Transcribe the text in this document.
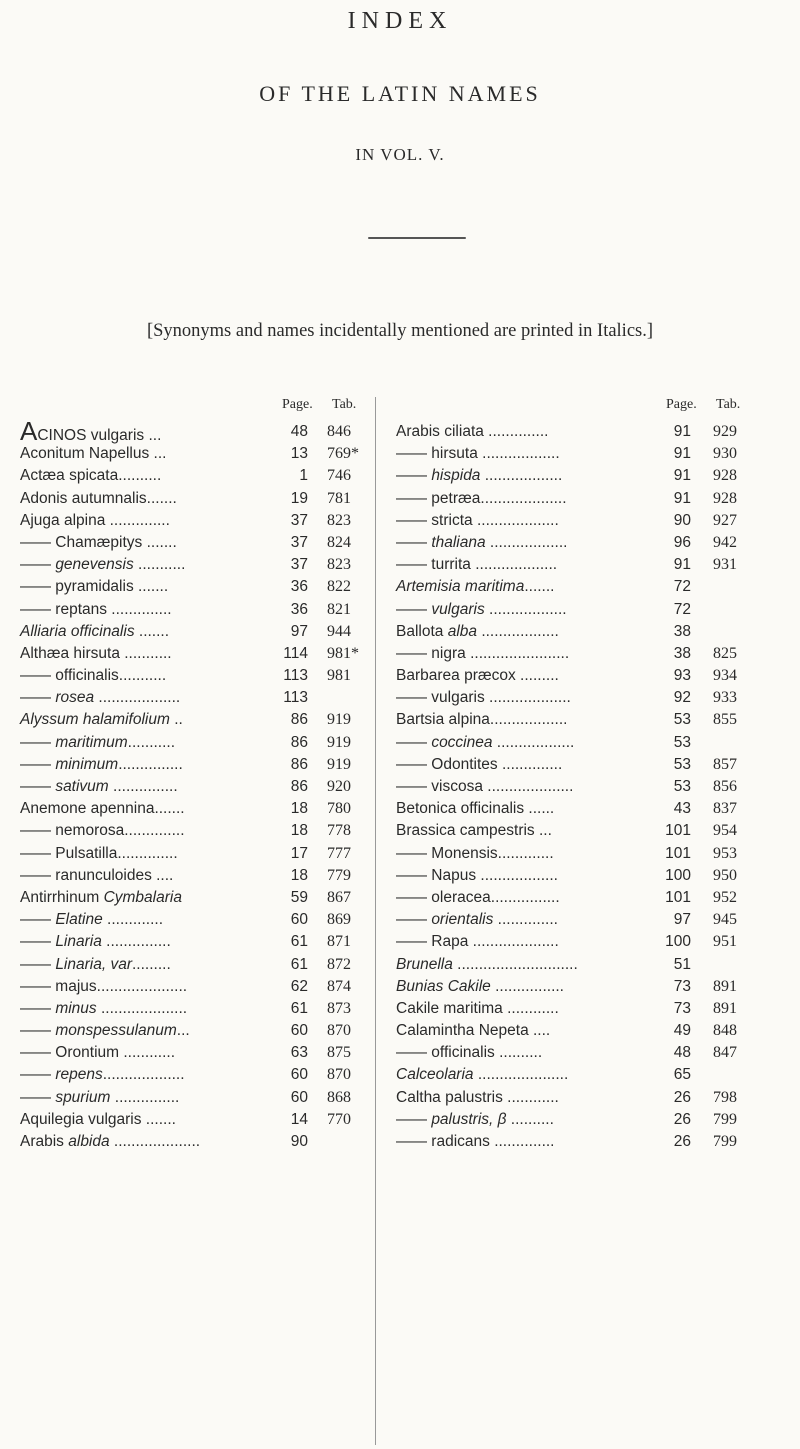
INDEX
OF THE LATIN NAMES
IN VOL. V.
[Synonyms and names incidentally mentioned are printed in Italics.]
Page. Tab.
ACINOS vulgaris ...	48 846
Aconitum Napellus ...	13 769*
Actæa spicata..........	1 746
Adonis autumnalis.......	19 781
Ajuga alpina ..............	37 823
—— Chamæpitys .......	37 824
—— genevensis ...........	37 823
—— pyramidalis .......	36 822
—— reptans ..............	36 821
Alliaria officinalis .......	97 944
Althæa hirsuta ...........	114 981*
—— officinalis...........	113 981
—— rosea ...................	113
Alyssum halamifolium ..	86 919
—— maritimum...........	86 919
—— minimum...............	86 919
—— sativum ...............	86 920
Anemone apennina.......	18 780
—— nemorosa..............	18 778
—— Pulsatilla..............	17 777
—— ranunculoides ....	18 779
Antirrhinum Cymbalaria	59 867
—— Elatine .............	60 869
—— Linaria ...............	61 871
—— Linaria, var.........	61 872
—— majus.....................	62 874
—— minus ....................	61 873
—— monspessulanum...	60 870
—— Orontium ............	63 875
—— repens...................	60 870
—— spurium ...............	60 868
Aquilegia vulgaris .......	14 770
Arabis albida ....................	90
Page. Tab.
Arabis ciliata ..............	91 929
—— hirsuta ..................	91 930
—— hispida ..................	91 928
—— petræa....................	91 928
—— stricta ...................	90 927
—— thaliana ..................	96 942
—— turrita ...................	91 931
Artemisia maritima.......	72
—— vulgaris ..................	72
Ballota alba ..................	38
—— nigra .......................	38 825
Barbarea præcox .........	93 934
—— vulgaris ...................	92 933
Bartsia alpina..................	53 855
—— coccinea ..................	53
—— Odontites ..............	53 857
—— viscosa ....................	53 856
Betonica officinalis ......	43 837
Brassica campestris ...	101 954
—— Monensis.............	101 953
—— Napus ..................	100 950
—— oleracea................	101 952
—— orientalis ..............	97 945
—— Rapa ....................	100 951
Brunella ............................	51
Bunias Cakile ................	73 891
Cakile maritima ............	73 891
Calamintha Nepeta ....	49 848
—— officinalis ..........	48 847
Calceolaria .....................	65
Caltha palustris ............	26 798
—— palustris, β ..........	26 799
—— radicans ..............	26 799
